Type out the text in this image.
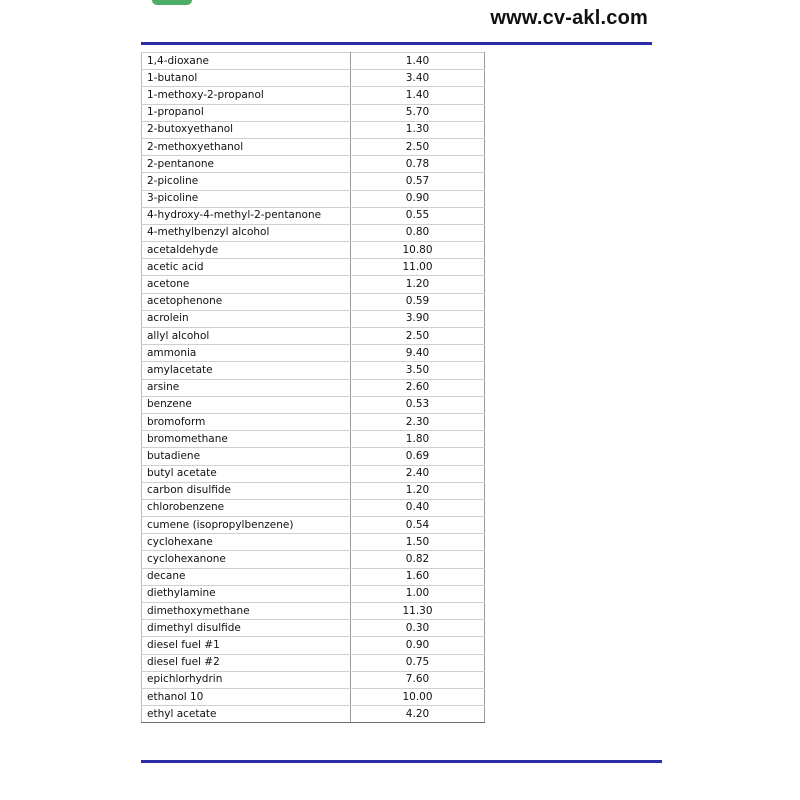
www.cv-akl.com
1,4-dioxane	1.40
1-butanol	3.40
1-methoxy-2-propanol	1.40
1-propanol	5.70
2-butoxyethanol	1.30
2-methoxyethanol	2.50
2-pentanone	0.78
2-picoline	0.57
3-picoline	0.90
4-hydroxy-4-methyl-2-pentanone	0.55
4-methylbenzyl alcohol	0.80
acetaldehyde	10.80
acetic acid	11.00
acetone	1.20
acetophenone	0.59
acrolein	3.90
allyl alcohol	2.50
ammonia	9.40
amylacetate	3.50
arsine	2.60
benzene	0.53
bromoform	2.30
bromomethane	1.80
butadiene	0.69
butyl acetate	2.40
carbon disulfide	1.20
chlorobenzene	0.40
cumene (isopropylbenzene)	0.54
cyclohexane	1.50
cyclohexanone	0.82
decane	1.60
diethylamine	1.00
dimethoxymethane	11.30
dimethyl disulfide	0.30
diesel fuel #1	0.90
diesel fuel #2	0.75
epichlorhydrin	7.60
ethanol 10	10.00
ethyl acetate	4.20
